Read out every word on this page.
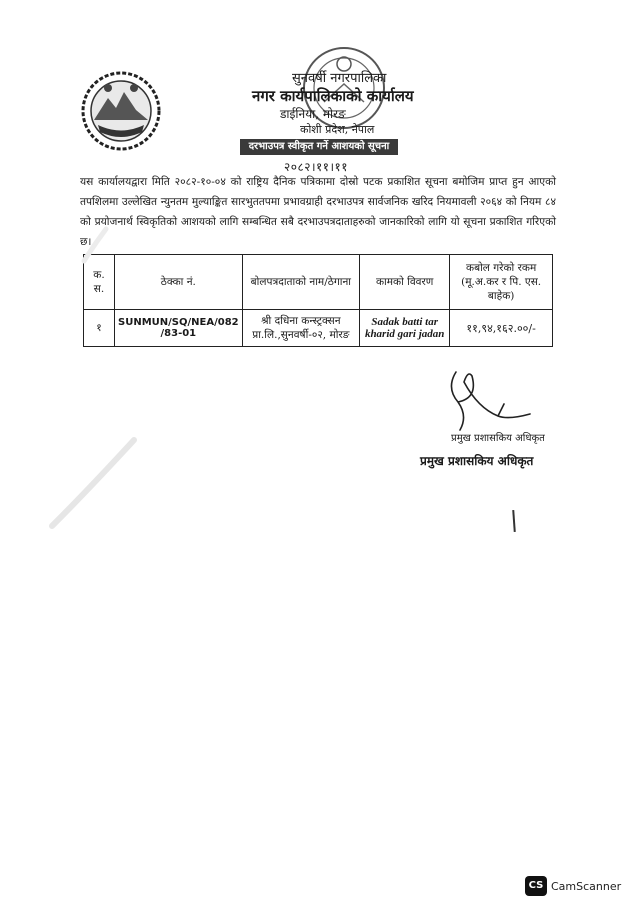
सुनवर्षी नगरपालिका
नगर कार्यपालिकाको कार्यालय
डाईनिया, मोरङ
कोशी प्रदेश, नेपाल
दरभाउपत्र स्वीकृत गर्ने आशयको सूचना
२०८२।११।११
यस कार्यालयद्वारा मिति २०८२-१०-०४ को राष्ट्रिय दैनिक पत्रिकामा दोस्रो पटक प्रकाशित सूचना बमोजिम प्राप्त हुन आएको तपशिलमा उल्लेखित न्युनतम मुल्याङ्कित सारभुततपमा प्रभावग्राही दरभाउपत्र सार्वजनिक खरिद नियमावली २०६४ को नियम ८४ को प्रयोजनार्थ स्विकृतिको आशयको लागि सम्बन्धित सबै दरभाउपत्रदाताहरुको जानकारिको लागि यो सूचना प्रकाशित गरिएको छ।
क. स.	ठेक्का नं.	बोलपत्रदाताको नाम/ठेगाना	कामको विवरण	कबोल गरेको रकम (मू.अ.कर र पि. एस. बाहेक)
१	SUNMUN/SQ/NEA/082 /83-01	श्री दधिना कन्स्ट्रक्सन प्रा.लि.,सुनवर्षी-०२, मोरङ	Sadak batti tar kharid gari jadan	११,९४,१६२.००/-
प्रमुख प्रशासकिय अधिकृत
प्रमुख प्रशासकिय अधिकृत
CS CamScanner
